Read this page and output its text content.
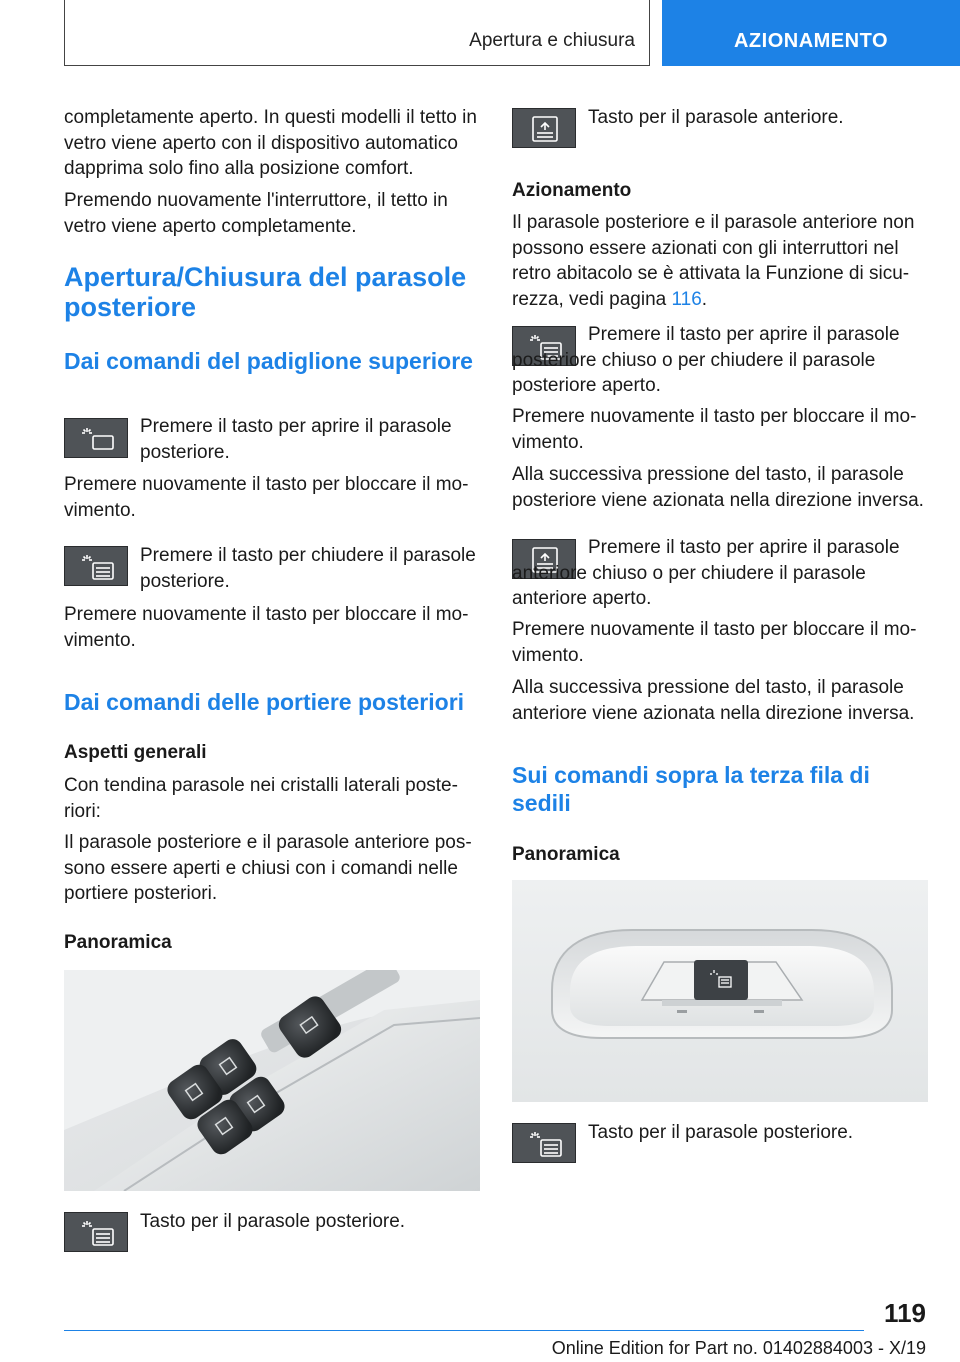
Apertura e chiusura	AZIONAMENTO
completamente aperto. In questi modelli il tetto in vetro viene aperto con il dispositivo automatico dapprima solo fino alla posizione comfort.
Premendo nuovamente l'interruttore, il tetto in vetro viene aperto completamente.
Apertura/Chiusura del parasole posteriore
Dai comandi del padiglione superiore
Premere il tasto per aprire il parasole posteriore.
Premere nuovamente il tasto per bloccare il movimento.
Premere il tasto per chiudere il parasole posteriore.
Premere nuovamente il tasto per bloccare il movimento.
Dai comandi delle portiere posteriori
Aspetti generali
Con tendina parasole nei cristalli laterali posteriori:
Il parasole posteriore e il parasole anteriore possono essere aperti e chiusi con i comandi nelle portiere posteriori.
Panoramica
Tasto per il parasole posteriore.
Tasto per il parasole anteriore.
Azionamento
Il parasole posteriore e il parasole anteriore non possono essere azionati con gli interruttori nel retro abitacolo se è attivata la Funzione di sicurezza, vedi pagina 116.
Premere il tasto per aprire il parasole posteriore chiuso o per chiudere il parasole posteriore aperto.
Premere nuovamente il tasto per bloccare il movimento.
Alla successiva pressione del tasto, il parasole posteriore viene azionata nella direzione inversa.
Premere il tasto per aprire il parasole anteriore chiuso o per chiudere il parasole anteriore aperto.
Premere nuovamente il tasto per bloccare il movimento.
Alla successiva pressione del tasto, il parasole anteriore viene azionata nella direzione inversa.
Sui comandi sopra la terza fila di sedili
Panoramica
Tasto per il parasole posteriore.
119
Online Edition for Part no. 01402884003 - X/19
